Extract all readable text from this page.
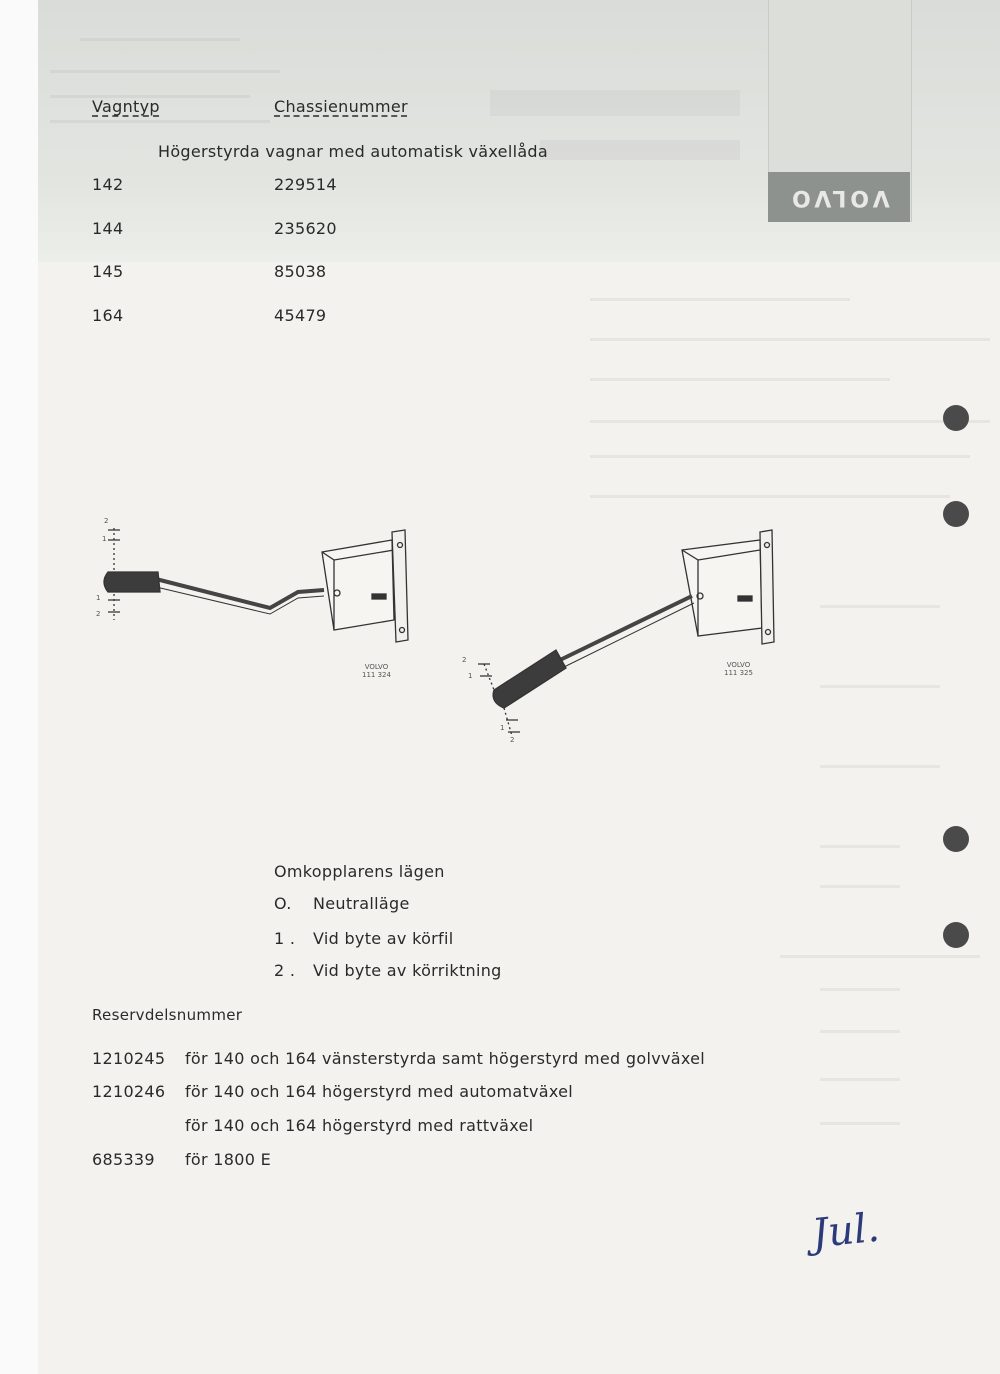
VOLVO
Vagntyp	Chassienummer
Högerstyrda vagnar med automatisk växellåda
142	229514
144	235620
145	85038
164	45479
2
1
1
2
2
1
1
2
VOLVO
111 324
VOLVO
111 325
Omkopplarens lägen
O. Neutralläge
1 . Vid byte av körfil
2 . Vid byte av körriktning
Reservdelsnummer
1210245 för 140 och 164 vänsterstyrda samt högerstyrd med golvväxel
1210246 för 140 och 164 högerstyrd med automatväxel
för 140 och 164 högerstyrd med rattväxel
685339 för 1800 E
Jul.
